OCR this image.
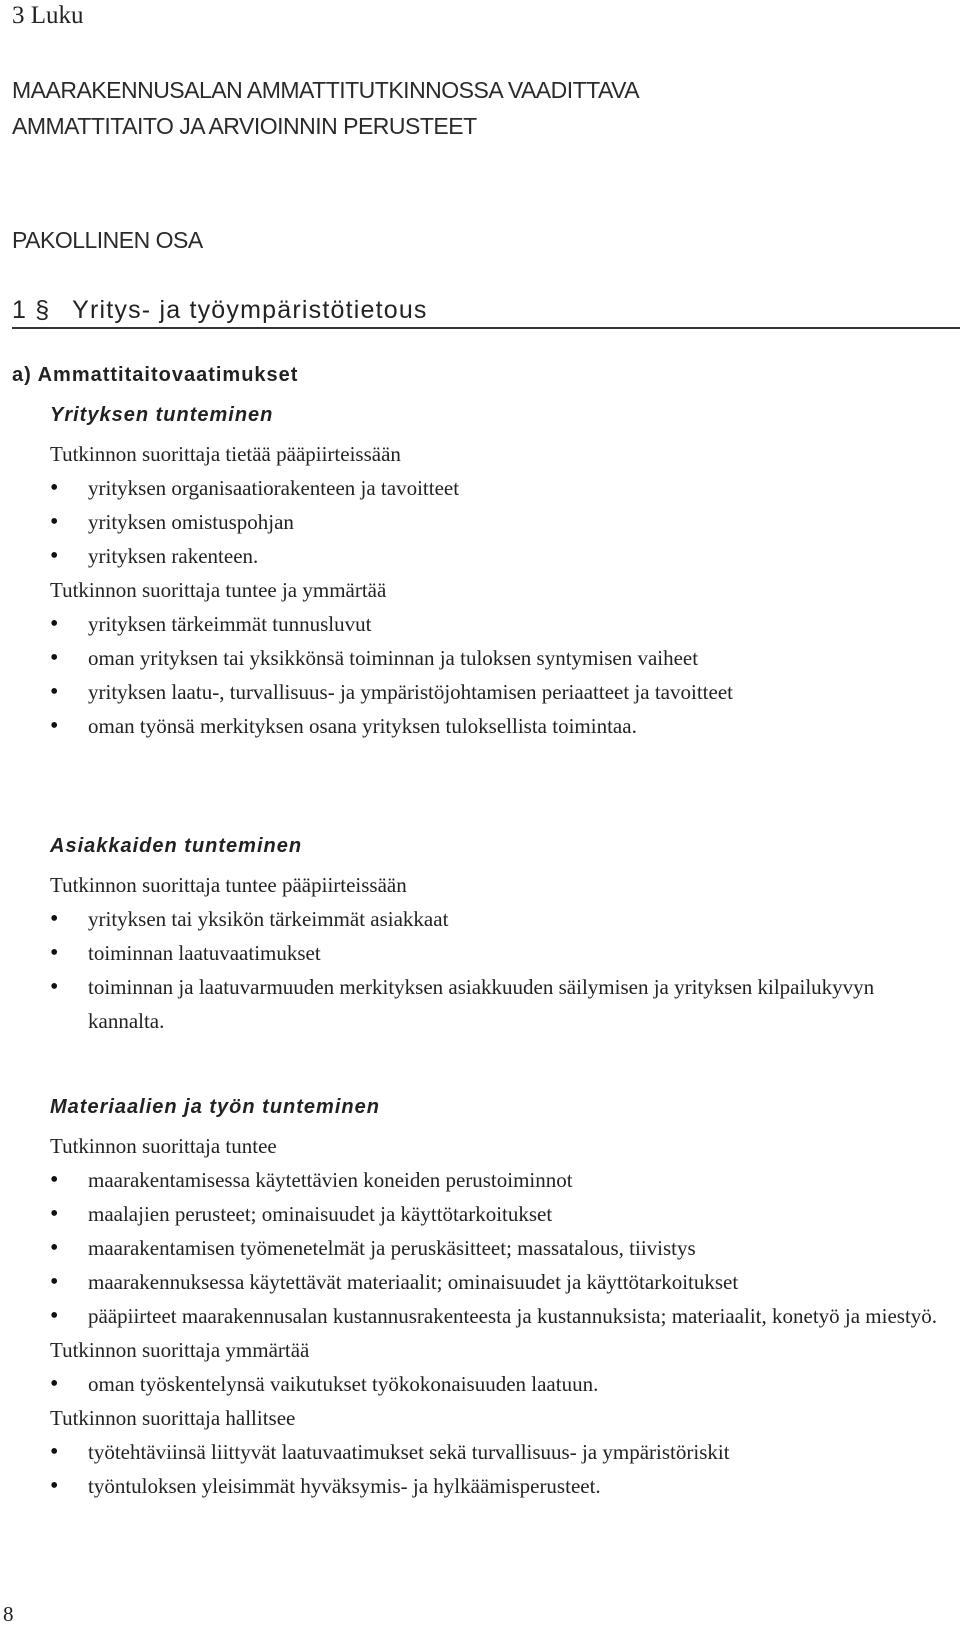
3 Luku
MAARAKENNUSALAN AMMATTITUTKINNOSSA VAADITTAVA
AMMATTITAITO JA ARVIOINNIN PERUSTEET
PAKOLLINEN OSA
1 § Yritys- ja työympäristötietous
a) Ammattitaitovaatimukset
Yrityksen tunteminen
Tutkinnon suorittaja tietää pääpiirteissään
• yrityksen organisaatiorakenteen ja tavoitteet
• yrityksen omistuspohjan
• yrityksen rakenteen.
Tutkinnon suorittaja tuntee ja ymmärtää
• yrityksen tärkeimmät tunnusluvut
• oman yrityksen tai yksikkönsä toiminnan ja tuloksen syntymisen vaiheet
• yrityksen laatu-, turvallisuus- ja ympäristöjohtamisen periaatteet ja tavoitteet
• oman työnsä merkityksen osana yrityksen tuloksellista toimintaa.
Asiakkaiden tunteminen
Tutkinnon suorittaja tuntee pääpiirteissään
• yrityksen tai yksikön tärkeimmät asiakkaat
• toiminnan laatuvaatimukset
• toiminnan ja laatuvarmuuden merkityksen asiakkuuden säilymisen ja yrityksen kilpailukyvyn kannalta.
Materiaalien ja työn tunteminen
Tutkinnon suorittaja tuntee
• maarakentamisessa käytettävien koneiden perustoiminnot
• maalajien perusteet; ominaisuudet ja käyttötarkoitukset
• maarakentamisen työmenetelmät ja peruskäsitteet; massatalous, tiivistys
• maarakennuksessa käytettävät materiaalit; ominaisuudet ja käyttötarkoitukset
• pääpiirteet maarakennusalan kustannusrakenteesta ja kustannuksista; materiaalit, konetyö ja miestyö.
Tutkinnon suorittaja ymmärtää
• oman työskentelynsä vaikutukset työkokonaisuuden laatuun.
Tutkinnon suorittaja hallitsee
• työtehtäviinsä liittyvät laatuvaatimukset sekä turvallisuus- ja ympäristöriskit
• työntuloksen yleisimmät hyväksymis- ja hylkäämisperusteet.
8
